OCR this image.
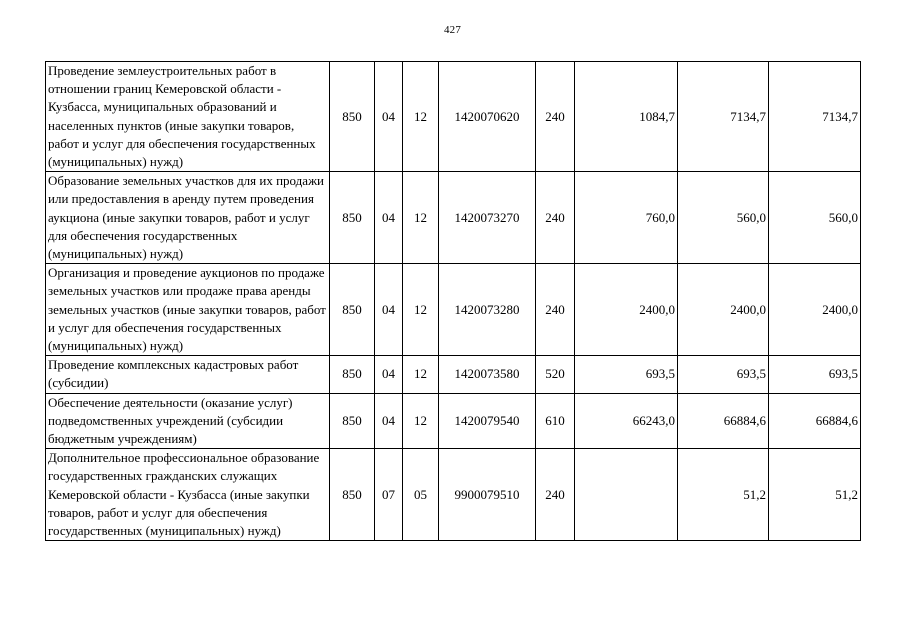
427
Проведение землеустроительных работ в отношении границ Кемеровской области - Кузбасса, муниципальных образований и населенных пунктов (иные закупки товаров, работ и услуг для обеспечения государственных (муниципальных) нужд)	850	04	12	1420070620	240	1084,7	7134,7	7134,7
Образование земельных участков для их продажи или предоставления в аренду путем проведения аукциона (иные закупки товаров, работ и услуг для обеспечения государственных (муниципальных) нужд)	850	04	12	1420073270	240	760,0	560,0	560,0
Организация и проведение аукционов по продаже земельных участков или продаже права аренды земельных участков (иные закупки товаров, работ и услуг для обеспечения государственных (муниципальных) нужд)	850	04	12	1420073280	240	2400,0	2400,0	2400,0
Проведение комплексных кадастровых работ (субсидии)	850	04	12	1420073580	520	693,5	693,5	693,5
Обеспечение деятельности (оказание услуг) подведомственных учреждений (субсидии бюджетным учреждениям)	850	04	12	1420079540	610	66243,0	66884,6	66884,6
Дополнительное профессиональное образование государственных гражданских служащих Кемеровской области - Кузбасса (иные закупки товаров, работ и услуг для обеспечения государственных (муниципальных) нужд)	850	07	05	9900079510	240		51,2	51,2
